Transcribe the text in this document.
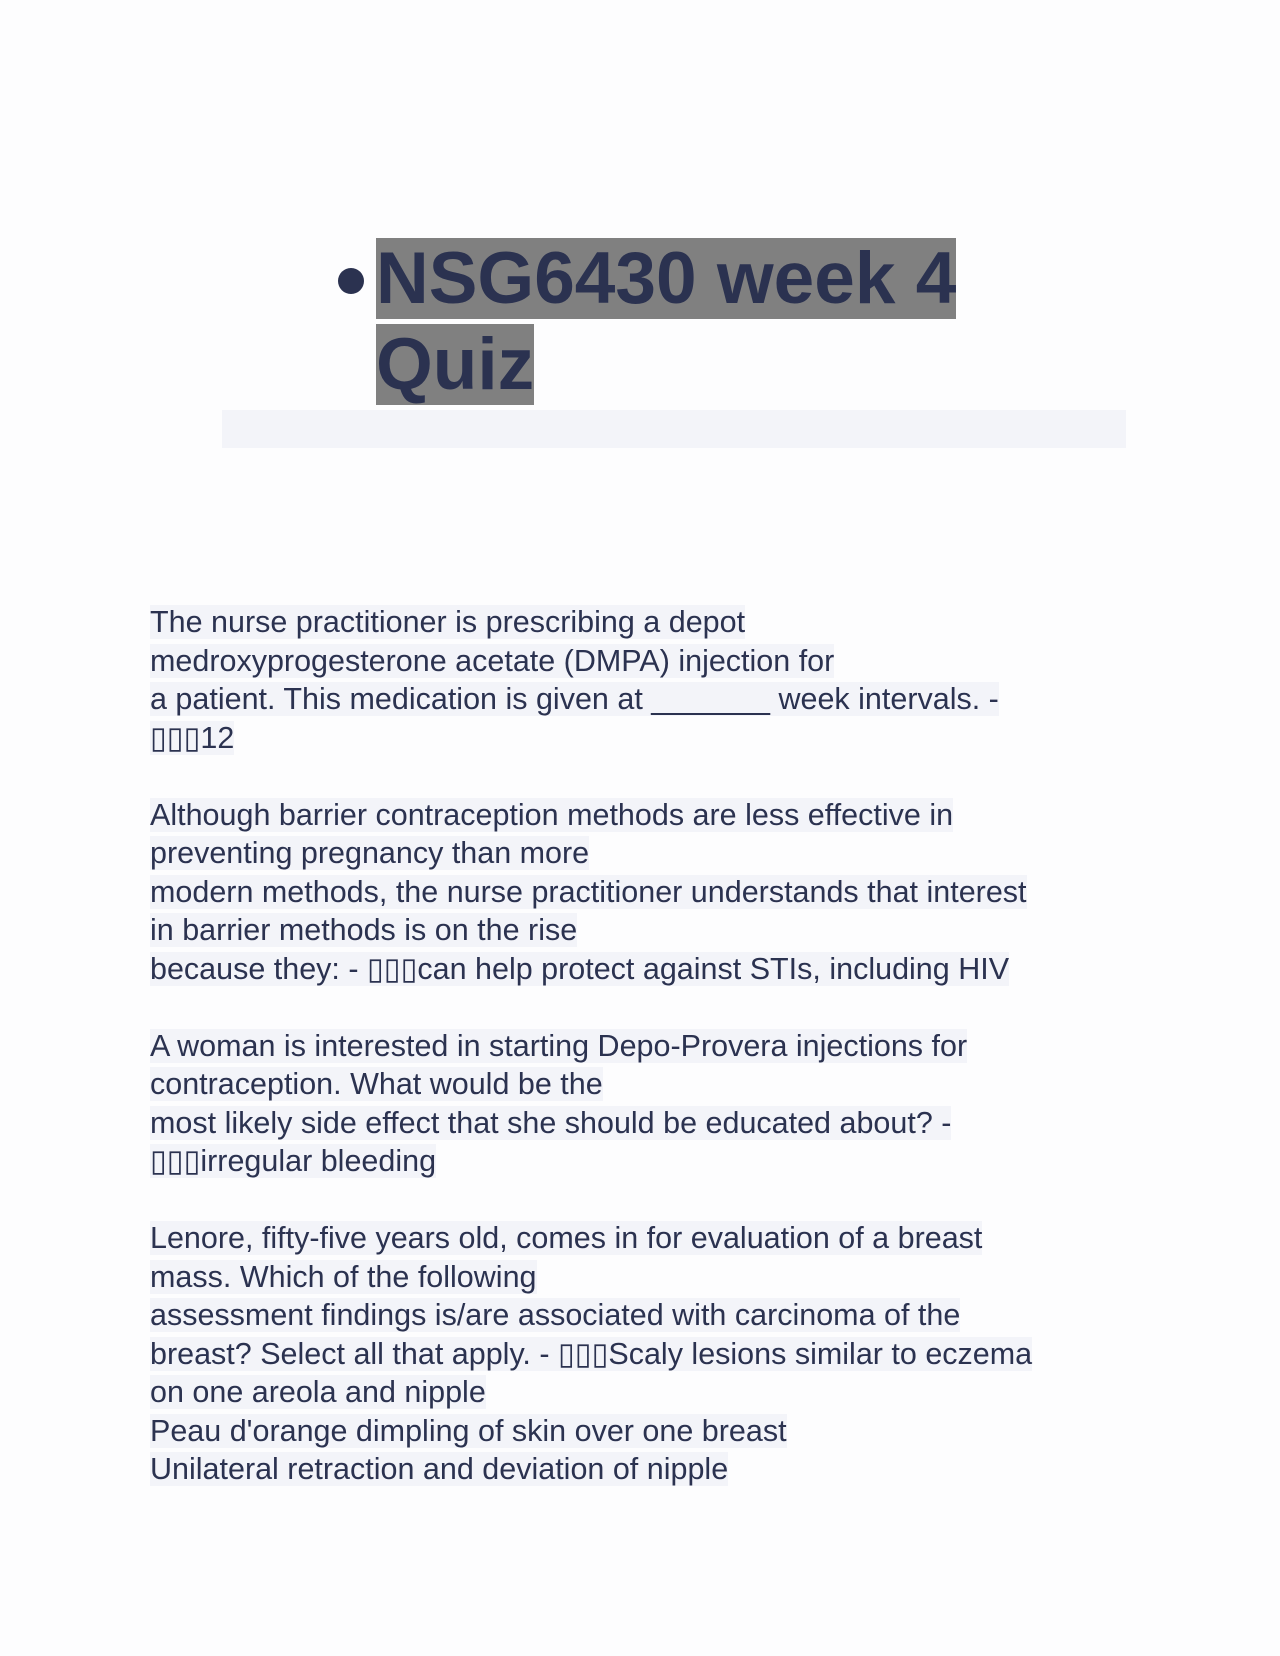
NSG6430 week 4
Quiz
The nurse practitioner is prescribing a depot
medroxyprogesterone acetate (DMPA) injection for
a patient. This medication is given at _______ week intervals. -
▯▯▯12
Although barrier contraception methods are less effective in
preventing pregnancy than more
modern methods, the nurse practitioner understands that interest
in barrier methods is on the rise
because they: - ▯▯▯can help protect against STIs, including HIV
A woman is interested in starting Depo-Provera injections for
contraception. What would be the
most likely side effect that she should be educated about? -
▯▯▯irregular bleeding
Lenore, fifty-five years old, comes in for evaluation of a breast
mass. Which of the following
assessment findings is/are associated with carcinoma of the
breast? Select all that apply. - ▯▯▯Scaly lesions similar to eczema
on one areola and nipple
Peau d'orange dimpling of skin over one breast
Unilateral retraction and deviation of nipple
